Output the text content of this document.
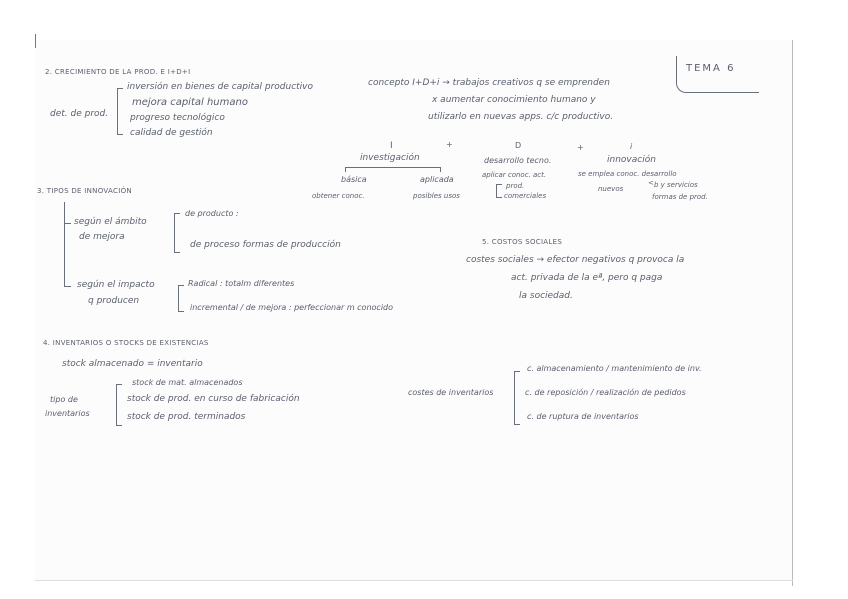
TEMA 6
2. CRECIMIENTO DE LA PROD. E I+D+I
det. de prod.
inversión en bienes de capital productivo
mejora capital humano
progreso tecnológico
calidad de gestión
concepto I+D+i → trabajos creativos q se emprenden
x aumentar conocimiento humano y
utilizarlo en nuevas apps. c/c productivo.
I	+	D	+	i
investigación
básica	aplicada
obtener conoc.	posibles usos
desarrollo tecno.
aplicar conoc. act.
prod.
comerciales
innovación
se emplea conoc. desarrollo
nuevos
< b y servicios
formas de prod.
3. TIPOS DE INNOVACIÓN
según el ámbito
de mejora
de producto :
de proceso formas de producción
según el impacto
q producen
Radical : totalm diferentes
incremental / de mejora : perfeccionar m conocido
5. COSTOS SOCIALES
costes sociales → efector negativos q provoca la
act. privada de la eª, pero q paga
la sociedad.
4. INVENTARIOS O STOCKS DE EXISTENCIAS
stock almacenado = inventario
tipo de
inventarios
stock de mat. almacenados
stock de prod. en curso de fabricación
stock de prod. terminados
costes de inventarios
c. almacenamiento / mantenimiento de inv.
c. de reposición / realización de pedidos
c. de ruptura de inventarios
